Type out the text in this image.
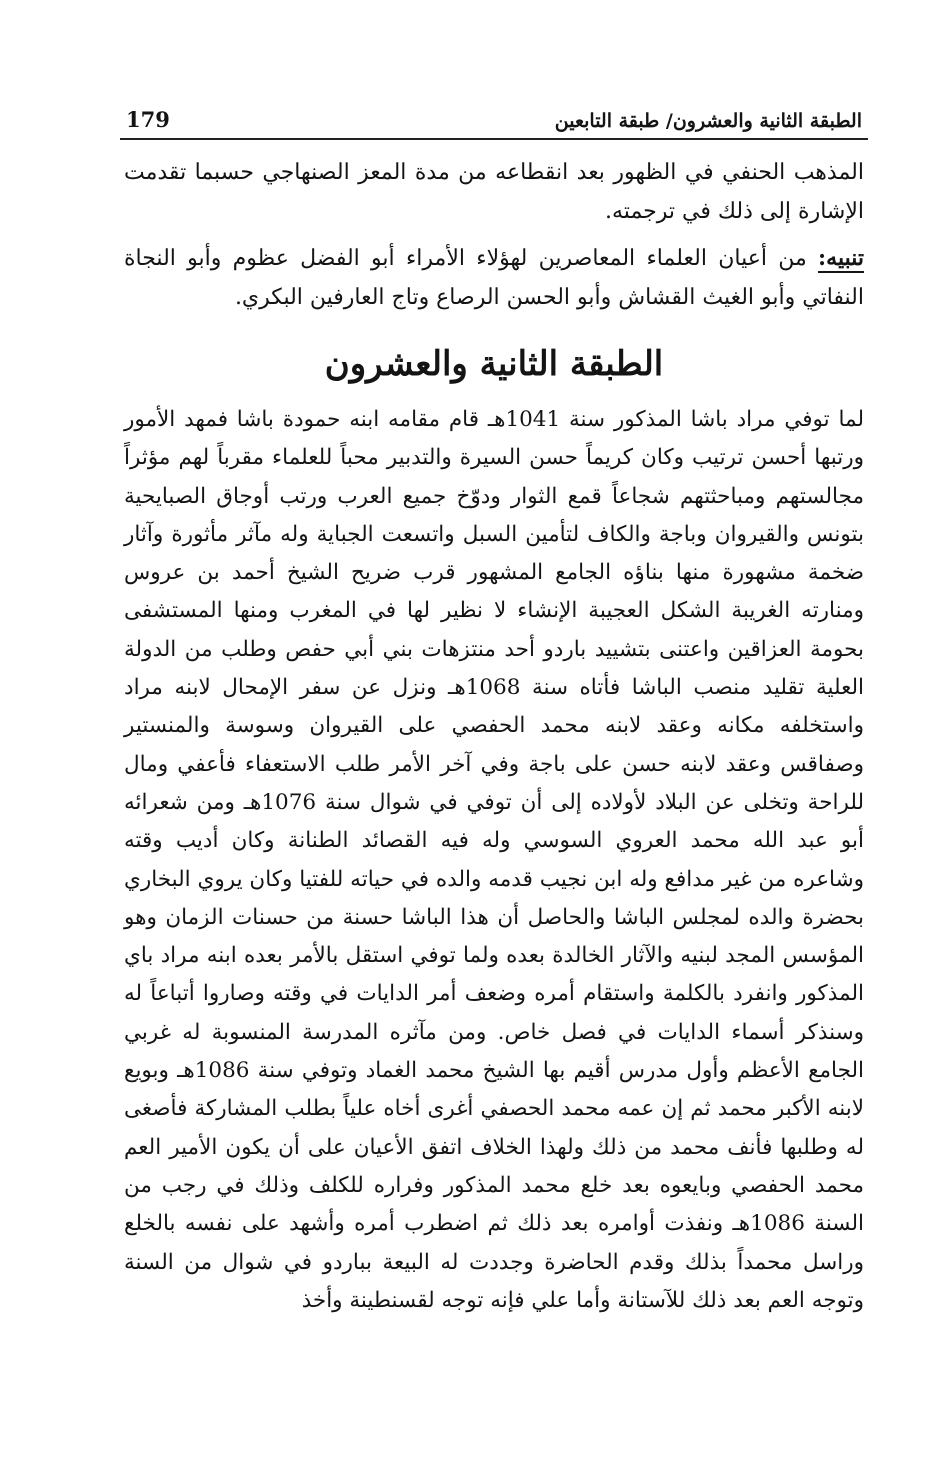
الطبقة الثانية والعشرون/ طبقة التابعين
179

المذهب الحنفي في الظهور بعد انقطاعه من مدة المعز الصنهاجي حسبما تقدمت الإشارة إلى ذلك في ترجمته.

تنبيه: من أعيان العلماء المعاصرين لهؤلاء الأمراء أبو الفضل عظوم وأبو النجاة النفاتي وأبو الغيث القشاش وأبو الحسن الرصاع وتاج العارفين البكري.

الطبقة الثانية والعشرون

لما توفي مراد باشا المذكور سنة 1041هـ قام مقامه ابنه حمودة باشا فمهد الأمور ورتبها أحسن ترتيب وكان كريماً حسن السيرة والتدبير محباً للعلماء مقرباً لهم مؤثراً مجالستهم ومباحثتهم شجاعاً قمع الثوار ودوّخ جميع العرب ورتب أوجاق الصبايحية بتونس والقيروان وباجة والكاف لتأمين السبل واتسعت الجباية وله مآثر مأثورة وآثار ضخمة مشهورة منها بناؤه الجامع المشهور قرب ضريح الشيخ أحمد بن عروس ومنارته الغريبة الشكل العجيبة الإنشاء لا نظير لها في المغرب ومنها المستشفى بحومة العزاقين واعتنى بتشييد باردو أحد منتزهات بني أبي حفص وطلب من الدولة العلية تقليد منصب الباشا فأتاه سنة 1068هـ ونزل عن سفر الإمحال لابنه مراد واستخلفه مكانه وعقد لابنه محمد الحفصي على القيروان وسوسة والمنستير وصفاقس وعقد لابنه حسن على باجة وفي آخر الأمر طلب الاستعفاء فأعفي ومال للراحة وتخلى عن البلاد لأولاده إلى أن توفي في شوال سنة 1076هـ ومن شعرائه أبو عبد الله محمد العروي السوسي وله فيه القصائد الطنانة وكان أديب وقته وشاعره من غير مدافع وله ابن نجيب قدمه والده في حياته للفتيا وكان يروي البخاري بحضرة والده لمجلس الباشا والحاصل أن هذا الباشا حسنة من حسنات الزمان وهو المؤسس المجد لبنيه والآثار الخالدة بعده ولما توفي استقل بالأمر بعده ابنه مراد باي المذكور وانفرد بالكلمة واستقام أمره وضعف أمر الدايات في وقته وصاروا أتباعاً له وسنذكر أسماء الدايات في فصل خاص. ومن مآثره المدرسة المنسوبة له غربي الجامع الأعظم وأول مدرس أقيم بها الشيخ محمد الغماد وتوفي سنة 1086هـ وبويع لابنه الأكبر محمد ثم إن عمه محمد الحصفي أغرى أخاه علياً بطلب المشاركة فأصغى له وطلبها فأنف محمد من ذلك ولهذا الخلاف اتفق الأعيان على أن يكون الأمير العم محمد الحفصي وبايعوه بعد خلع محمد المذكور وفراره للكلف وذلك في رجب من السنة 1086هـ ونفذت أوامره بعد ذلك ثم اضطرب أمره وأشهد على نفسه بالخلع وراسل محمداً بذلك وقدم الحاضرة وجددت له البيعة بباردو في شوال من السنة وتوجه العم بعد ذلك للآستانة وأما علي فإنه توجه لقسنطينة وأخذ
